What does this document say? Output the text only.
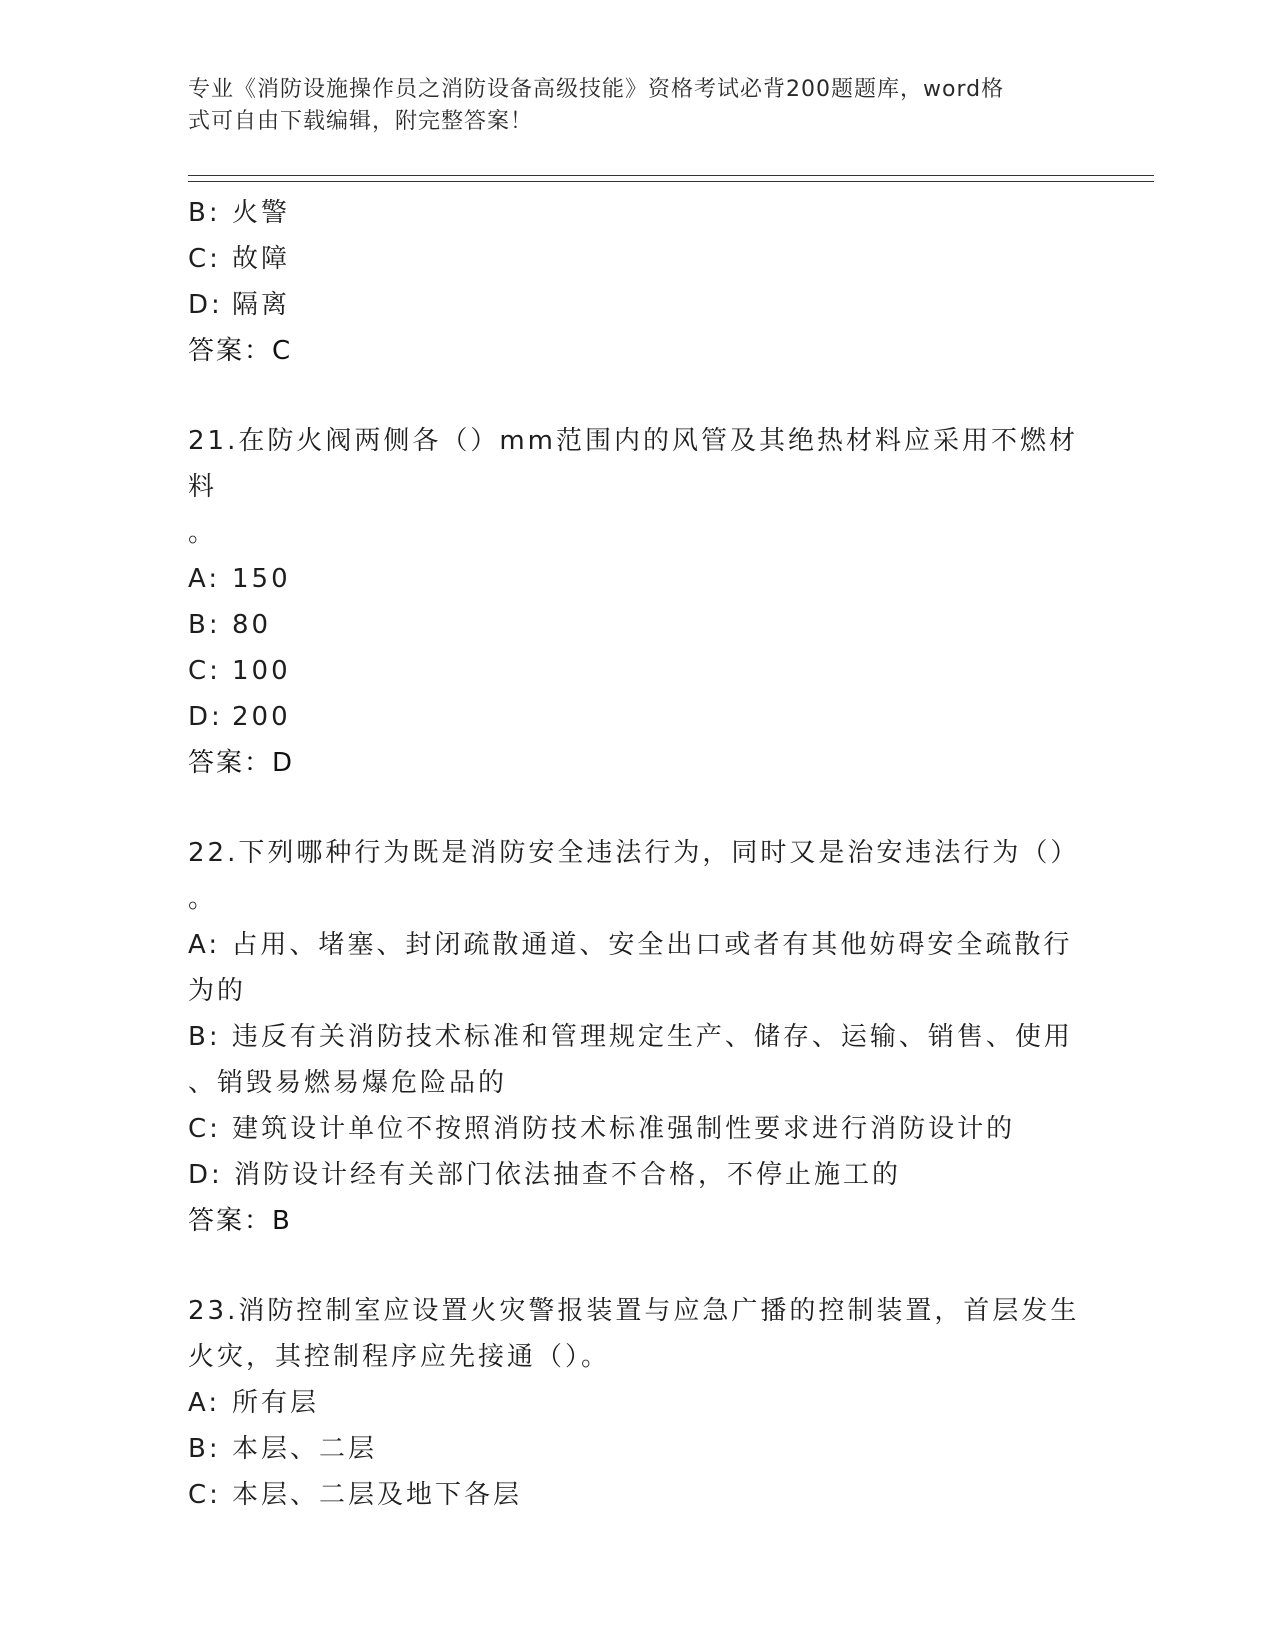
专业《消防设施操作员之消防设备高级技能》资格考试必背200题题库，word格
式可自由下载编辑，附完整答案！
B: 火警
C: 故障
D: 隔离
答案：C
21.在防火阀两侧各（）mm范围内的风管及其绝热材料应采用不燃材料
。
A: 150
B: 80
C: 100
D: 200
答案：D
22.下列哪种行为既是消防安全违法行为，同时又是治安违法行为（）
。
A: 占用、堵塞、封闭疏散通道、安全出口或者有其他妨碍安全疏散行
为的
B: 违反有关消防技术标准和管理规定生产、储存、运输、销售、使用
、销毁易燃易爆危险品的
C: 建筑设计单位不按照消防技术标准强制性要求进行消防设计的
D: 消防设计经有关部门依法抽查不合格，不停止施工的
答案：B
23.消防控制室应设置火灾警报装置与应急广播的控制装置，首层发生
火灾，其控制程序应先接通（）。
A: 所有层
B: 本层、二层
C: 本层、二层及地下各层
